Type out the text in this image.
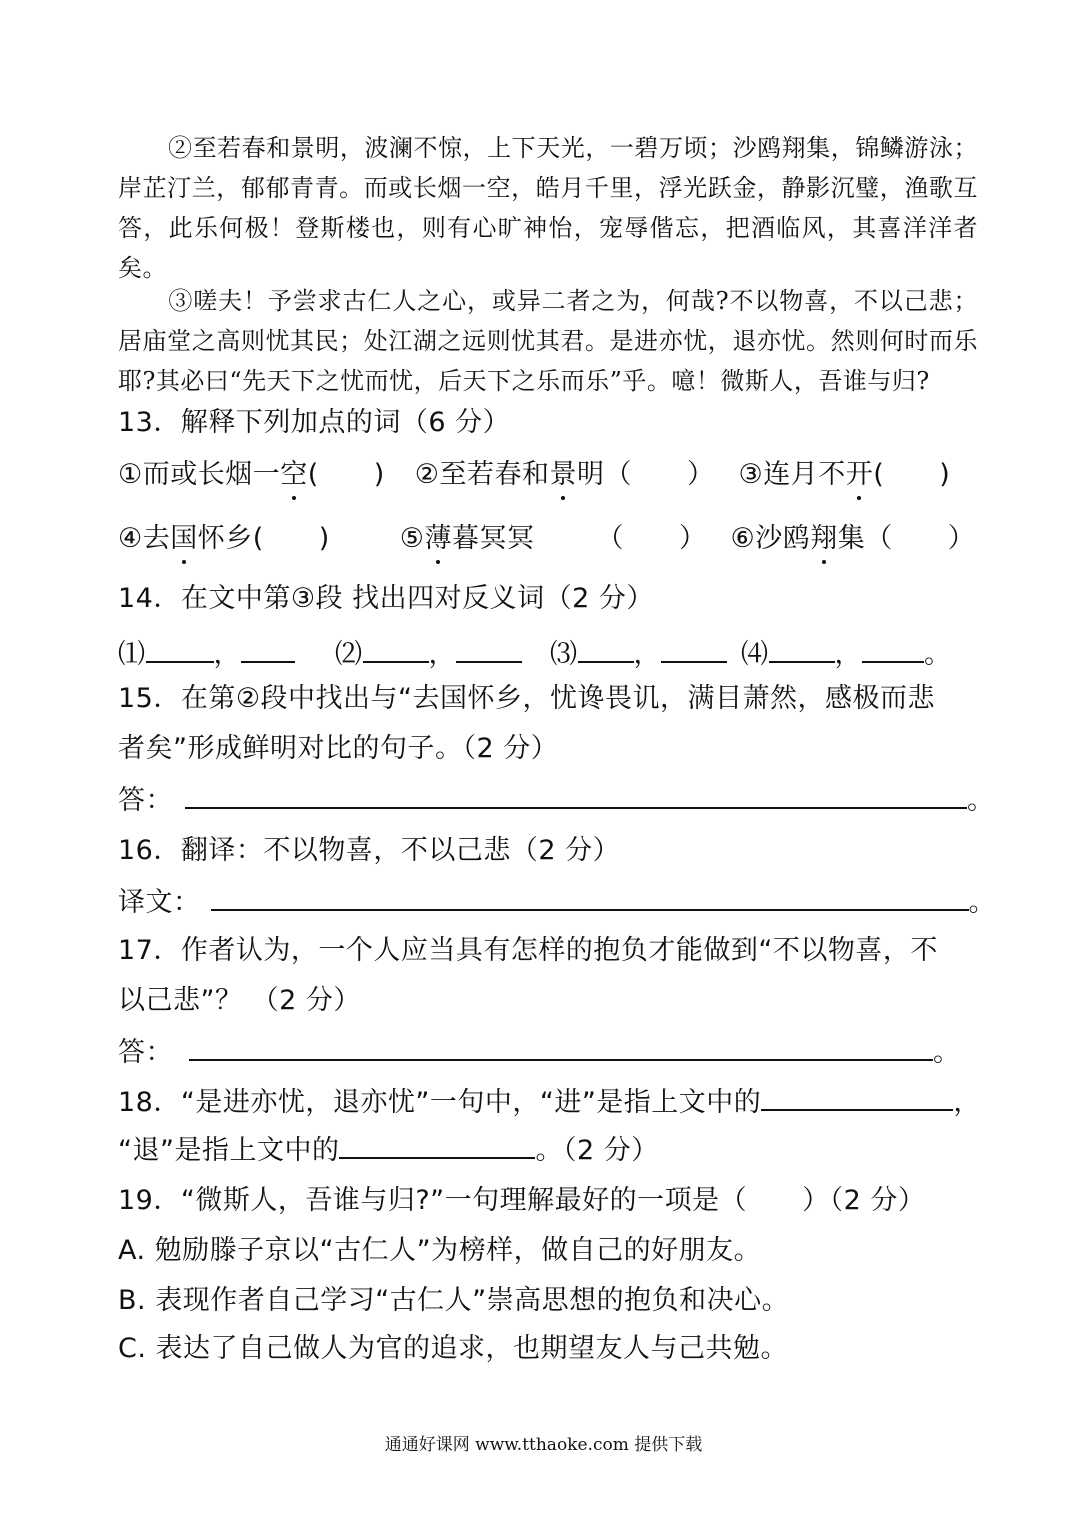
②至若春和景明，波澜不惊，上下天光，一碧万顷；沙鸥翔集，锦鳞游泳；岸芷汀兰，郁郁青青。而或长烟一空，皓月千里，浮光跃金，静影沉璧，渔歌互答，此乐何极！登斯楼也，则有心旷神怡，宠辱偕忘，把酒临风，其喜洋洋者矣。
③嗟夫！予尝求古仁人之心，或异二者之为，何哉?不以物喜，不以己悲；居庙堂之高则忧其民；处江湖之远则忧其君。是进亦忧，退亦忧。然则何时而乐耶?其必曰“先天下之忧而忧，后天下之乐而乐”乎。噫！微斯人，吾谁与归?
13．解释下列加点的词（6 分）
①而或长烟一空(　　) ②至若春和景明（　　） ③连月不开(　　)
④去国怀乡(　　)	⑤薄暮冥冥 （　　） ⑥沙鸥翔集（　　）
14．在文中第③段 找出四对反义词（2 分）
⑴	，	⑵ ，	⑶ ，	⑷ ， 。
15．在第②段中找出与“去国怀乡，忧谗畏讥，满目萧然，感极而悲
者矣”形成鲜明对比的句子。（2 分）
答：	。
16．翻译：不以物喜，不以己悲（2 分）
译文：	。
17．作者认为，一个人应当具有怎样的抱负才能做到“不以物喜，不
以己悲”？ （2 分）
答：	。
18．“是进亦忧，退亦忧”一句中，“进”是指上文中的	，
“退”是指上文中的	。（2 分）
19．“微斯人，吾谁与归?”一句理解最好的一项是（　　）（2 分）
A. 勉励滕子京以“古仁人”为榜样，做自己的好朋友。
B. 表现作者自己学习“古仁人”崇高思想的抱负和决心。
C. 表达了自己做人为官的追求，也期望友人与己共勉。
通通好课网 www.tthaoke.com 提供下载
